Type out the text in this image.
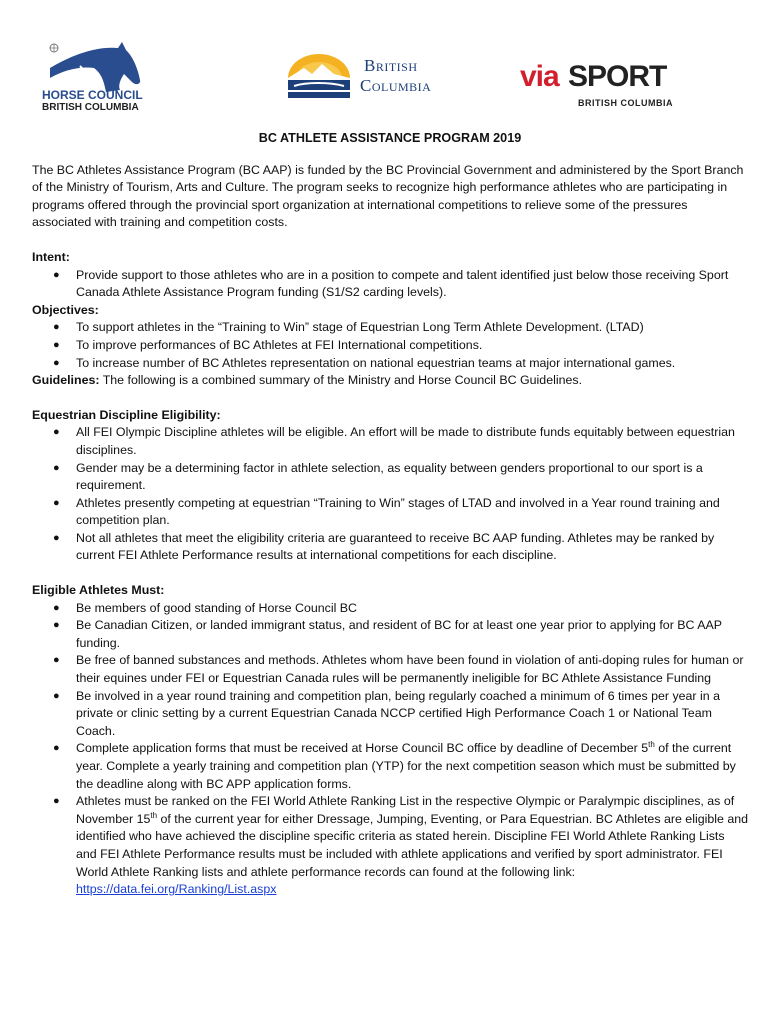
HORSE COUNCIL
BRITISH COLUMBIA
British
Columbia	via SPORT
BRITISH COLUMBIA
BC ATHLETE ASSISTANCE PROGRAM 2019

The BC Athletes Assistance Program (BC AAP) is funded by the BC Provincial Government and administered by the Sport Branch of the Ministry of Tourism, Arts and Culture. The program seeks to recognize high performance athletes who are participating in programs offered through the provincial sport organization at international competitions to relieve some of the pressures associated with training and competition costs.

Intent:

● Provide support to those athletes who are in a position to compete and talent identified just below those receiving Sport Canada Athlete Assistance Program funding (S1/S2 carding levels).

Objectives:

● To support athletes in the “Training to Win” stage of Equestrian Long Term Athlete Development. (LTAD)
● To improve performances of BC Athletes at FEI International competitions.
● To increase number of BC Athletes representation on national equestrian teams at major international games.

Guidelines: The following is a combined summary of the Ministry and Horse Council BC Guidelines.

Equestrian Discipline Eligibility:

● All FEI Olympic Discipline athletes will be eligible. An effort will be made to distribute funds equitably between equestrian disciplines.
● Gender may be a determining factor in athlete selection, as equality between genders proportional to our sport is a requirement.
● Athletes presently competing at equestrian “Training to Win” stages of LTAD and involved in a Year round training and competition plan.
● Not all athletes that meet the eligibility criteria are guaranteed to receive BC AAP funding. Athletes may be ranked by current FEI Athlete Performance results at international competitions for each discipline.

Eligible Athletes Must:

● Be members of good standing of Horse Council BC
● Be Canadian Citizen, or landed immigrant status, and resident of BC for at least one year prior to applying for BC AAP funding.
● Be free of banned substances and methods. Athletes whom have been found in violation of anti-doping rules for human or their equines under FEI or Equestrian Canada rules will be permanently ineligible for BC Athlete Assistance Funding
● Be involved in a year round training and competition plan, being regularly coached a minimum of 6 times per year in a private or clinic setting by a current Equestrian Canada NCCP certified High Performance Coach 1 or National Team Coach.
● Complete application forms that must be received at Horse Council BC office by deadline of December 5th of the current year. Complete a yearly training and competition plan (YTP) for the next competition season which must be submitted by the deadline along with BC APP application forms.
● Athletes must be ranked on the FEI World Athlete Ranking List in the respective Olympic or Paralympic disciplines, as of November 15th of the current year for either Dressage, Jumping, Eventing, or Para Equestrian. BC Athletes are eligible and identified who have achieved the discipline specific criteria as stated herein. Discipline FEI World Athlete Ranking Lists and FEI Athlete Performance results must be included with athlete applications and verified by sport administrator. FEI World Athlete Ranking lists and athlete performance records can found at the following link: https://data.fei.org/Ranking/List.aspx
